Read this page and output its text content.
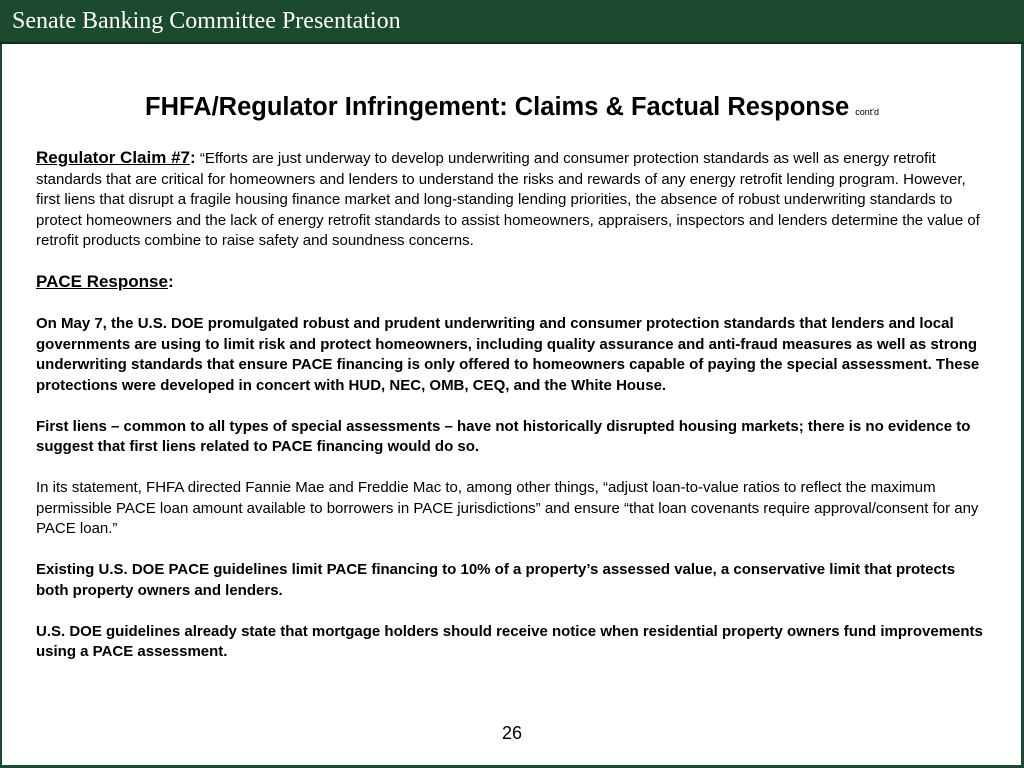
Senate Banking Committee Presentation
FHFA/Regulator Infringement: Claims & Factual Response cont'd

Regulator Claim #7: “Efforts are just underway to develop underwriting and consumer protection standards as well as energy retrofit standards that are critical for homeowners and lenders to understand the risks and rewards of any energy retrofit lending program. However, first liens that disrupt a fragile housing finance market and long-standing lending priorities, the absence of robust underwriting standards to protect homeowners and the lack of energy retrofit standards to assist homeowners, appraisers, inspectors and lenders determine the value of retrofit products combine to raise safety and soundness concerns.

PACE Response:

On May 7, the U.S. DOE promulgated robust and prudent underwriting and consumer protection standards that lenders and local governments are using to limit risk and protect homeowners, including quality assurance and anti-fraud measures as well as strong underwriting standards that ensure PACE financing is only offered to homeowners capable of paying the special assessment. These protections were developed in concert with HUD, NEC, OMB, CEQ, and the White House.

First liens – common to all types of special assessments – have not historically disrupted housing markets; there is no evidence to suggest that first liens related to PACE financing would do so.

In its statement, FHFA directed Fannie Mae and Freddie Mac to, among other things, “adjust loan-to-value ratios to reflect the maximum permissible PACE loan amount available to borrowers in PACE jurisdictions” and ensure “that loan covenants require approval/consent for any PACE loan.”

Existing U.S. DOE PACE guidelines limit PACE financing to 10% of a property’s assessed value, a conservative limit that protects both property owners and lenders.

U.S. DOE guidelines already state that mortgage holders should receive notice when residential property owners fund improvements using a PACE assessment.

26
